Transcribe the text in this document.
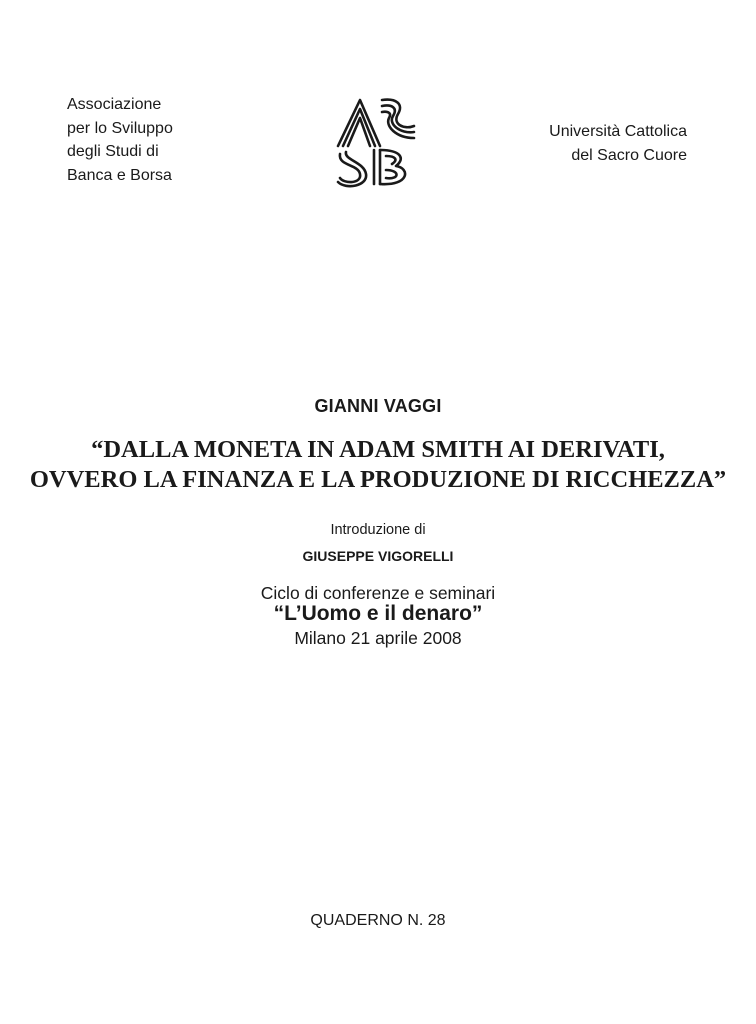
Associazione
per lo Sviluppo
degli Studi di
Banca e Borsa
Università Cattolica
del Sacro Cuore
GIANNI VAGGI
“DALLA MONETA IN ADAM SMITH AI DERIVATI,
OVVERO LA FINANZA E LA PRODUZIONE DI RICCHEZZA”
Introduzione di
GIUSEPPE VIGORELLI
Ciclo di conferenze e seminari
“L’Uomo e il denaro”
Milano 21 aprile 2008
QUADERNO N. 28
